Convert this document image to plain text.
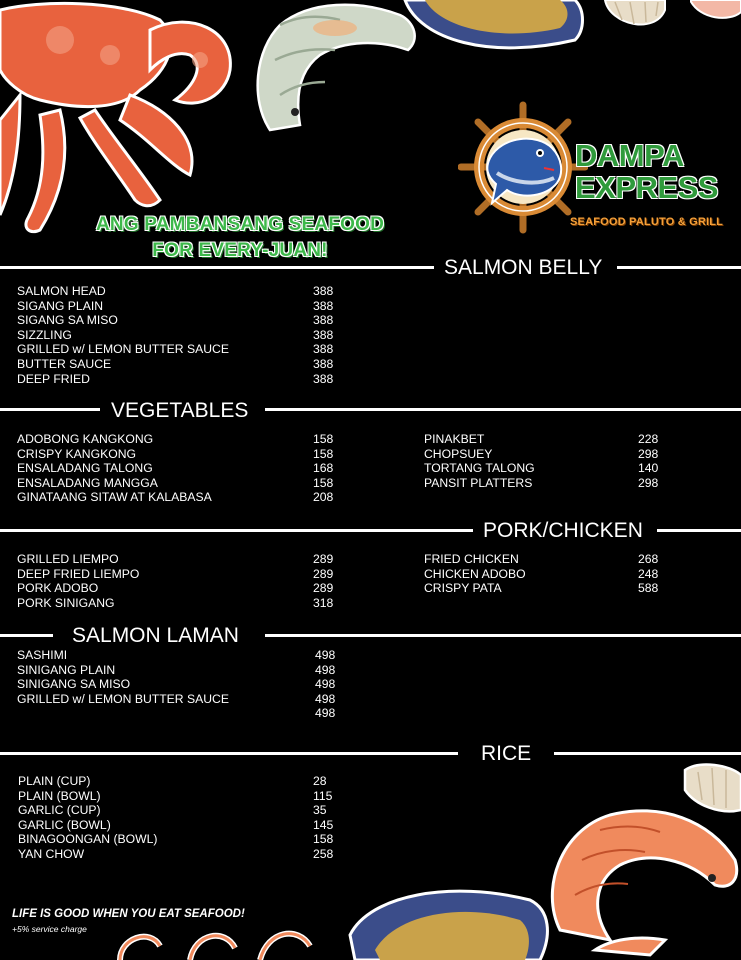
DAMPA
EXPRESS
SEAFOOD PALUTO & GRILL
ANG PAMBANSANG SEAFOOD
FOR EVERY-JUAN!
SALMON BELLY
SALMON HEAD	388
SIGANG PLAIN	388
SIGANG SA MISO	388
SIZZLING	388
GRILLED w/ LEMON BUTTER SAUCE	388
BUTTER SAUCE	388
DEEP FRIED	388
VEGETABLES
ADOBONG KANGKONG	158
CRISPY KANGKONG	158
ENSALADANG TALONG	168
ENSALADANG MANGGA	158
GINATAANG SITAW AT KALABASA	208
PINAKBET	228
CHOPSUEY	298
TORTANG TALONG	140
PANSIT PLATTERS	298
PORK/CHICKEN
GRILLED LIEMPO	289
DEEP FRIED LIEMPO	289
PORK ADOBO	289
PORK SINIGANG	318
FRIED CHICKEN	268
CHICKEN ADOBO	248
CRISPY PATA	588
SALMON LAMAN
SASHIMI	498
SINIGANG PLAIN	498
SINIGANG SA MISO	498
GRILLED w/ LEMON BUTTER SAUCE	498
498
RICE
PLAIN (CUP)	28
PLAIN (BOWL)	115
GARLIC (CUP)	35
GARLIC (BOWL)	145
BINAGOONGAN (BOWL)	158
YAN CHOW	258
LIFE IS GOOD WHEN YOU EAT SEAFOOD!
+5% service charge
